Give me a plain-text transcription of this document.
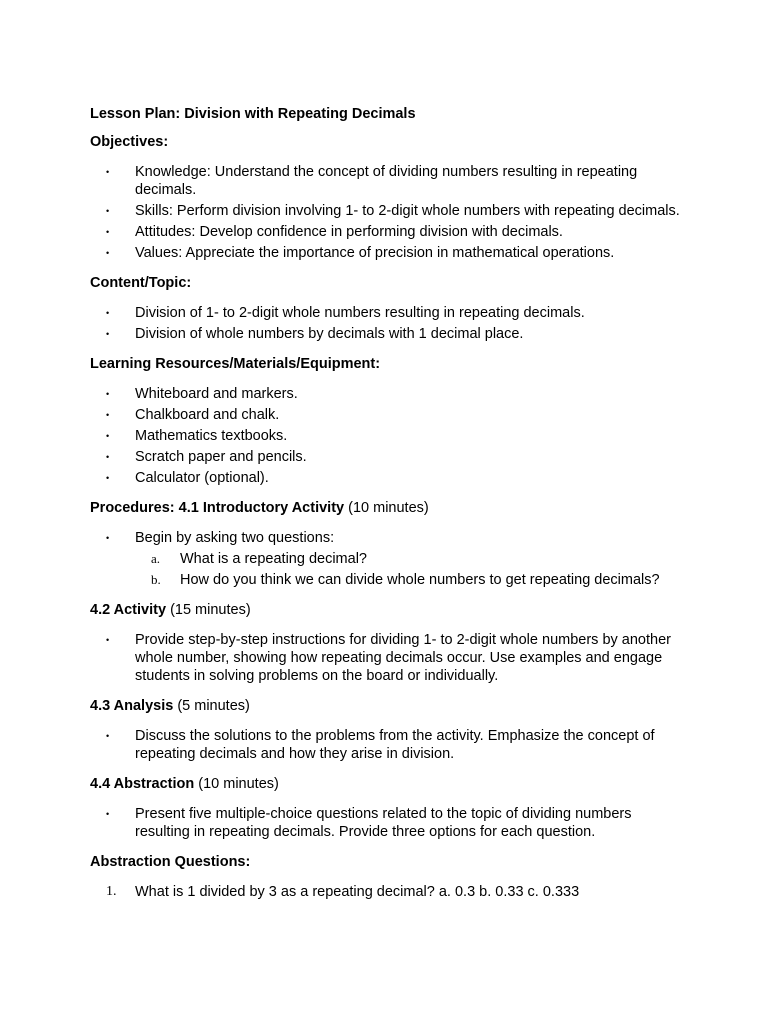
Lesson Plan: Division with Repeating Decimals
Objectives:
• Knowledge: Understand the concept of dividing numbers resulting in repeating decimals.
• Skills: Perform division involving 1- to 2-digit whole numbers with repeating decimals.
• Attitudes: Develop confidence in performing division with decimals.
• Values: Appreciate the importance of precision in mathematical operations.
Content/Topic:
• Division of 1- to 2-digit whole numbers resulting in repeating decimals.
• Division of whole numbers by decimals with 1 decimal place.
Learning Resources/Materials/Equipment:
• Whiteboard and markers.
• Chalkboard and chalk.
• Mathematics textbooks.
• Scratch paper and pencils.
• Calculator (optional).
Procedures: 4.1 Introductory Activity (10 minutes)
• Begin by asking two questions:
a. What is a repeating decimal?
b. How do you think we can divide whole numbers to get repeating decimals?
4.2 Activity (15 minutes)
• Provide step-by-step instructions for dividing 1- to 2-digit whole numbers by another whole number, showing how repeating decimals occur. Use examples and engage students in solving problems on the board or individually.
4.3 Analysis (5 minutes)
• Discuss the solutions to the problems from the activity. Emphasize the concept of repeating decimals and how they arise in division.
4.4 Abstraction (10 minutes)
• Present five multiple-choice questions related to the topic of dividing numbers resulting in repeating decimals. Provide three options for each question.
Abstraction Questions:
1. What is 1 divided by 3 as a repeating decimal? a. 0.3 b. 0.33 c. 0.333
